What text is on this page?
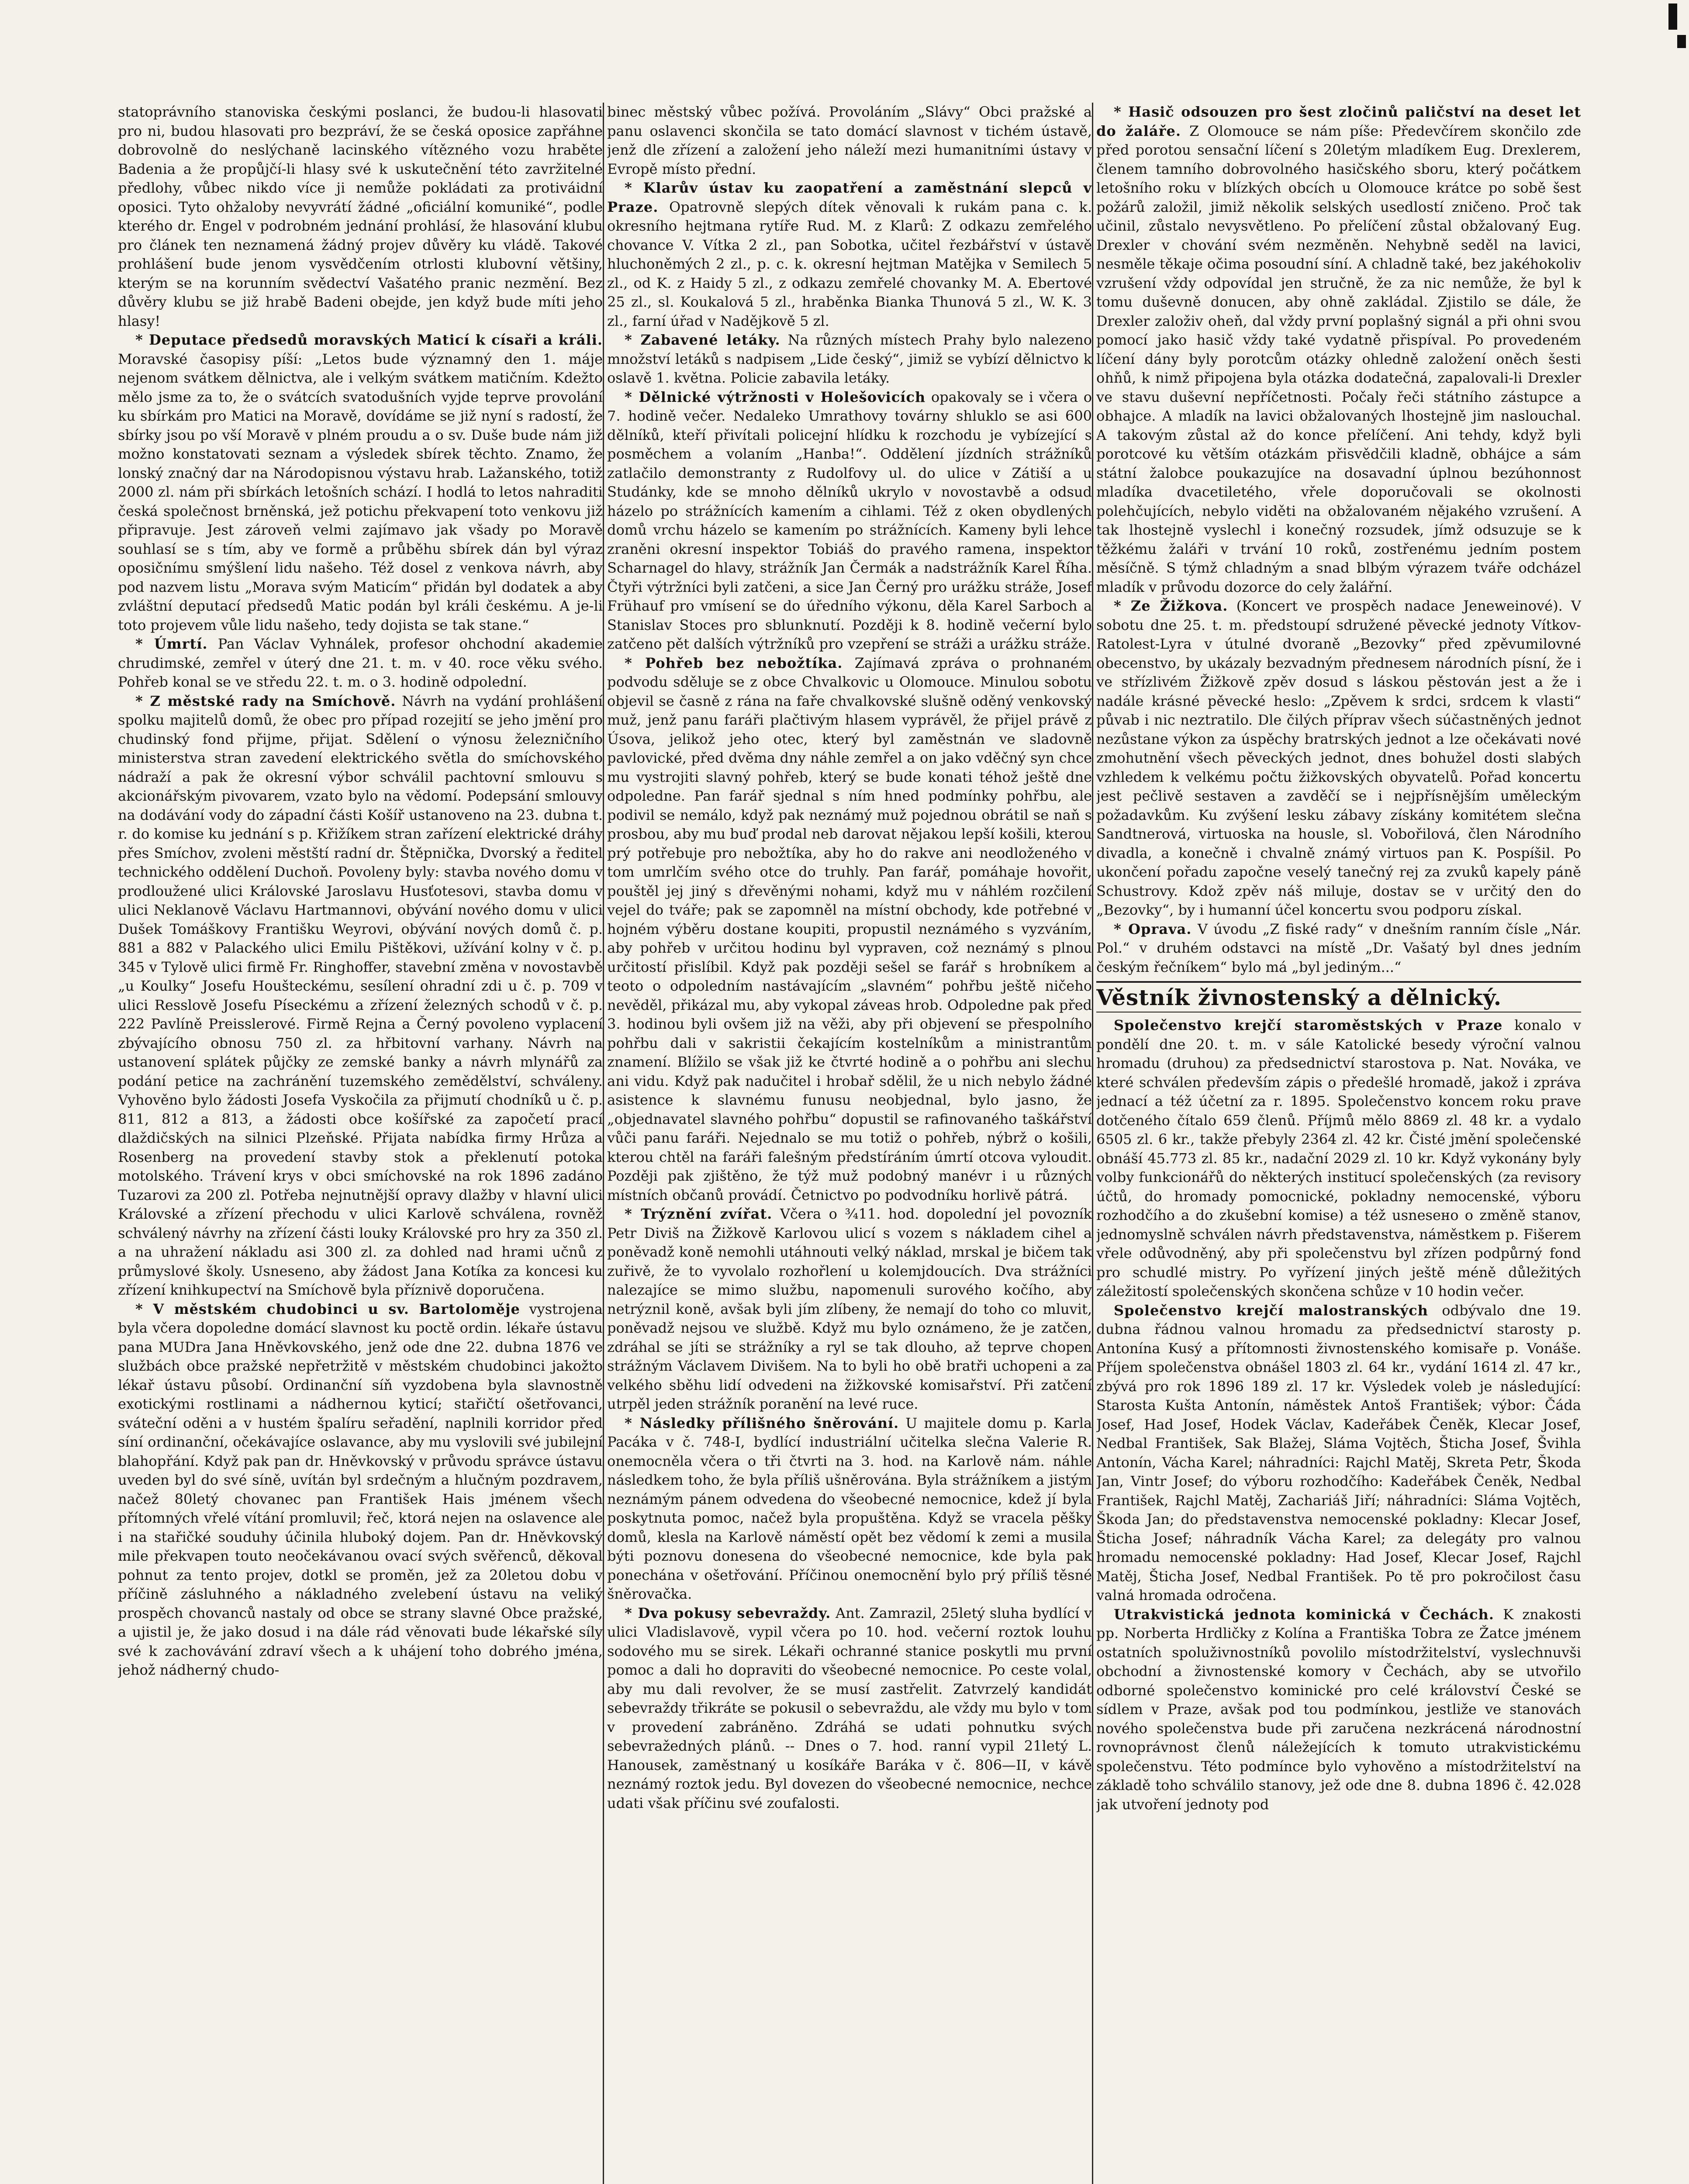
statoprávního stanoviska českými poslanci, že budou-li hlasovati pro ni, budou hlasovati pro bezpráví, že se česká oposice zapřáhne dobrovolně do neslýchaně lacinského vítězného vozu hraběte Badenia a že propůjčí-li hlasy své k uskutečnění této zavržitelné předlohy, vůbec nikdo více ji nemůže pokládati za protiváidní oposici. Tyto ohžaloby nevyvrátí žádné „oficiální komuniké“, podle kterého dr. Engel v podrobném jednání prohlásí, že hlasování klubu pro článek ten neznamená žádný projev důvěry ku vládě. Takové prohlášení bude jenom vysvědčením otrlosti klubovní většiny, kterým se na korunním svědectví Vašatého pranic nezmění. Bez důvěry klubu se již hrabě Badeni obejde, jen když bude míti jeho hlasy!

* Deputace předsedů moravských Maticí k císaři a králi. Moravské časopisy píší: „Letos bude významný den 1. máje nejenom svátkem dělnictva, ale i velkým svátkem matičním. Kdežto mělo jsme za to, že o svátcích svatodušních vyjde teprve provolání ku sbírkám pro Matici na Moravě, dovídáme se již nyní s radostí, že sbírky jsou po vší Moravě v plném proudu a o sv. Duše bude nám již možno konstatovati seznam a výsledek sbírek těchto. Znamo, že lonský značný dar na Národopisnou výstavu hrab. Lažanského, totiž 2000 zl. nám při sbírkách letošních schází. I hodlá to letos nahraditi česká společnost brněnská, jež potichu překvapení toto venkovu již připravuje. Jest zároveň velmi zajímavo jak všady po Moravě souhlasí se s tím, aby ve formě a průběhu sbírek dán byl výraz oposičnímu smýšlení lidu našeho. Též dosel z venkova návrh, aby pod nazvem listu „Morava svým Maticím“ přidán byl dodatek a aby zvláštní deputací předsedů Matic podán byl králi českému. A je-li toto projevem vůle lidu našeho, tedy dojista se tak stane.“

* Úmrtí. Pan Václav Vyhnálek, profesor ohchodní akademie chrudimské, zemřel v úterý dne 21. t. m. v 40. roce věku svého. Pohřeb konal se ve středu 22. t. m. o 3. hodině odpolední.

* Z městské rady na Smíchově. Návrh na vydání prohlášení spolku majitelů domů, že obec pro případ rozejití se jeho jmění pro chudinský fond přijme, přijat. Sdělení o výnosu železničního ministerstva stran zavedení elektrického světla do smíchovského nádraží a pak že okresní výbor schválil pachtovní smlouvu s akcionářským pivovarem, vzato bylo na vědomí. Podepsání smlouvy na dodávání vody do západní části Košíř ustanoveno na 23. dubna t. r. do komise ku jednání s p. Křižíkem stran zařízení elektrické dráhy přes Smíchov, zvoleni městští radní dr. Štěpnička, Dvorský a ředitel technického oddělení Duchoň. Povoleny byly: stavba nového domu v prodloužené ulici Královské Jaroslavu Husťotesovi, stavba domu v ulici Neklanově Václavu Hartmannovi, obývání nového domu v ulici Dušek Tomáškovy Františku Weyrovi, obývání nových domů č. p. 881 a 882 v Palackého ulici Emilu Pištěkovi, užívání kolny v č. p. 345 v Tylově ulici firmě Fr. Ringhoffer, stavební změna v novostavbě „u Koulky“ Josefu Houšteckému, sesílení ohradní zdi u č. p. 709 v ulici Resslově Josefu Píseckému a zřízení železných schodů v č. p. 222 Pavlíně Preisslerové. Firmě Rejna a Černý povoleno vyplacení zbývajícího obnosu 750 zl. za hřbitovní varhany. Návrh na ustanovení splátek půjčky ze zemské banky a návrh mlynářů za podání petice na zachránění tuzemského zemědělství, schváleny. Vyhověno bylo žádosti Josefa Vyskočila za přijmutí chodníků u č. p. 811, 812 a 813, a žádosti obce košířské za započetí prací dlaždičských na silnici Plzeňské. Přijata nabídka firmy Hrůza a Rosenberg na provedení stavby stok a překlenutí potoka motolského. Trávení krys v obci smíchovské na rok 1896 zadáno Tuzarovi za 200 zl. Potřeba nejnutnější opravy dlažby v hlavní ulici Královské a zřízení přechodu v ulici Karlově schválena, rovněž schválený návrhy na zřízení části louky Královské pro hry za 350 zl. a na uhražení nákladu asi 300 zl. za dohled nad hrami učnů z průmyslové školy. Usneseno, aby žádost Jana Kotíka za koncesi ku zřízení knihkupectví na Smíchově byla příznivě doporučena.

* V městském chudobinci u sv. Bartoloměje vystrojena byla včera dopoledne domácí slavnost ku poctě ordin. lékaře ústavu pana MUDra Jana Hněvkovského, jenž ode dne 22. dubna 1876 ve službách obce pražské nepřetržitě v městském chudobinci jakožto lékař ústavu působí. Ordinanční síň vyzdobena byla slavnostně exotickými rostlinami a nádhernou kyticí; stařičtí ošetřovanci, sváteční oděni a v hustém špalíru seřadění, naplnili korridor před síní ordinanční, očekávajíce oslavance, aby mu vyslovili své jubilejní blahopřání. Když pak pan dr. Hněvkovský v průvodu správce ústavu uveden byl do své síně, uvítán byl srdečným a hlučným pozdravem, načež 80letý chovanec pan František Hais jménem všech přítomných vřelé vítání promluvil; řeč, ktorá nejen na oslavence ale i na stařičké souduhy účinila hluboký dojem. Pan dr. Hněvkovský mile překvapen touto neočekávanou ovací svých svěřenců, děkoval pohnut za tento projev, dotkl se proměn, jež za 20letou dobu v příčině zásluhného a nákladného zvelebení ústavu na veliký prospěch chovanců nastaly od obce se strany slavné Obce pražské, a ujistil je, že jako dosud i na dále rád věnovati bude lékařské síly své k zachovávání zdraví všech a k uhájení toho dobrého jména, jehož nádherný chudo-

binec městský vůbec požívá. Provoláním „Slávy“ Obci pražské a panu oslavenci skončila se tato domácí slavnost v tichém ústavě, jenž dle zřízení a založení jeho náleží mezi humanitními ústavy v Evropě místo přední.

* Klarův ústav ku zaopatření a zaměstnání slepců v Praze. Opatrovně slepých dítek věnovali k rukám pana c. k. okresního hejtmana rytíře Rud. M. z Klarů: Z odkazu zemřelého chovance V. Vítka 2 zl., pan Sobotka, učitel řezbářství v ústavě hluchoněmých 2 zl., p. c. k. okresní hejtman Matějka v Semilech 5 zl., od K. z Haidy 5 zl., z odkazu zemřelé chovanky M. A. Ebertové 25 zl., sl. Koukalová 5 zl., hraběnka Bianka Thunová 5 zl., W. K. 3 zl., farní úřad v Nadějkově 5 zl.

* Zabavené letáky. Na různých místech Prahy bylo nalezeno množství letáků s nadpisem „Lide český“, jimiž se vybízí dělnictvo k oslavě 1. května. Policie zabavila letáky.

* Dělnické výtržnosti v Holešovicích opakovaly se i včera o 7. hodině večer. Nedaleko Umrathovy továrny shluklo se asi 600 dělníků, kteří přivítali policejní hlídku k rozchodu je vybízející s posměchem a volaním „Hanba!“. Oddělení jízdních strážníků zatlačilo demonstranty z Rudolfovy ul. do ulice v Zátiší a u Studánky, kde se mnoho dělníků ukrylo v novostavbě a odsud házelo po strážnících kamením a cihlami. Též z oken obydlených domů vrchu házelo se kamením po strážnících. Kameny byli lehce zraněni okresní inspektor Tobiáš do pravého ramena, inspektor Scharnagel do hlavy, strážník Jan Čermák a nadstrážník Karel Říha. Čtyři výtržníci byli zatčeni, a sice Jan Černý pro urážku stráže, Josef Frühauf pro vmísení se do úředního výkonu, děla Karel Sarboch a Stanislav Stoces pro sblunknutí. Později k 8. hodině večerní bylo zatčeno pět dalších výtržníků pro vzepření se stráži a urážku stráže.

* Pohřeb bez nebožtíka. Zajímavá zpráva o prohnaném podvodu sděluje se z obce Chvalkovic u Olomouce. Minulou sobotu objevil se časně z rána na faře chvalkovské slušně oděný venkovský muž, jenž panu faráři plačtivým hlasem vyprávěl, že přijel právě z Úsova, jelikož jeho otec, který byl zaměstnán ve sladovně pavlovické, před dvěma dny náhle zemřel a on jako vděčný syn chce mu vystrojiti slavný pohřeb, který se bude konati téhož ještě dne odpoledne. Pan farář sjednal s ním hned podmínky pohřbu, ale podivil se nemálo, když pak neznámý muž pojednou obrátil se naň s prosbou, aby mu buď prodal neb darovat nějakou lepší košili, kterou prý potřebuje pro nebožtíka, aby ho do rakve ani neodloženého v tom umrlčím svého otce do truhly. Pan farář, pomáhaje hovořit, pouštěl jej jiný s dřevěnými nohami, když mu v náhlém rozčilení vejel do tváře; pak se zapomněl na místní obchody, kde potřebné v hojném výběru dostane koupiti, propustil neznámého s vyzváním, aby pohřeb v určitou hodinu byl vypraven, což neznámý s plnou určitostí přislíbil. Když pak později sešel se farář s hrobníkem a teoto o odpoledním nastávajícím „slavném“ pohřbu ještě ničeho nevěděl, přikázal mu, aby vykopal záveas hrob. Odpoledne pak před 3. hodinou byli ovšem již na věži, aby při objevení se přespolního pohřbu dali v sakristii čekajícím kostelníkům a ministrantům znamení. Blížilo se však již ke čtvrté hodině a o pohřbu ani slechu ani vidu. Když pak nadučitel i hrobař sdělil, že u nich nebylo žádné asistence k slavnému funusu neobjednal, bylo jasno, že „objednavatel slavného pohřbu“ dopustil se rafinovaného taškářství vůči panu faráři. Nejednalo se mu totiž o pohřeb, nýbrž o košili, kterou chtěl na faráři falešným předstíráním úmrtí otcova vyloudit. Později pak zjištěno, že týž muž podobný manévr i u různých místních občanů provádí. Četnictvo po podvodníku horlivě pátrá.

* Trýznění zvířat. Včera o ¾11. hod. dopolední jel povozník Petr Diviš na Žižkově Karlovou ulicí s vozem s nákladem cihel a poněvadž koně nemohli utáhnouti velký náklad, mrskal je bičem tak zuřivě, že to vyvolalo rozhořlení u kolemjdoucích. Dva strážníci nalezajíce se mimo službu, napomenuli surového kočího, aby netrýznil koně, avšak byli jím zlíbeny, že nemají do toho co mluvit, poněvadž nejsou ve službě. Když mu bylo oznámeno, že je zatčen, zdráhal se jíti se strážníky a ryl se tak dlouho, až teprve chopen strážným Václavem Divišem. Na to byli ho obě bratři uchopeni a za velkého sběhu lidí odvedeni na žižkovské komisařství. Při zatčení utrpěl jeden strážník poranění na levé ruce.

* Následky přílišného šněrování. U majitele domu p. Karla Pacáka v č. 748-I, bydlící industriální učitelka slečna Valerie R. onemocněla včera o tři čtvrti na 3. hod. na Karlově nám. náhle následkem toho, že byla příliš ušněrována. Byla strážníkem a jistým neznámým pánem odvedena do všeobecné nemocnice, kdež jí byla poskytnuta pomoc, načež byla propuštěna. Když se vracela pěšky domů, klesla na Karlově náměstí opět bez vědomí k zemi a musila býti poznovu donesena do všeobecné nemocnice, kde byla pak ponechána v ošetřování. Příčinou onemocnění bylo prý příliš těsné šněrovačka.

* Dva pokusy sebevraždy. Ant. Zamrazil, 25letý sluha bydlící v ulici Vladislavově, vypil včera po 10. hod. večerní roztok louhu sodového mu se sirek. Lékaři ochranné stanice poskytli mu první pomoc a dali ho dopraviti do všeobecné nemocnice. Po ceste volal, aby mu dali revolver, že se musí zastřelit. Zatvrzelý kandidát sebevraždy třikráte se pokusil o sebevraždu, ale vždy mu bylo v tom v provedení zabráněno. Zdráhá se udati pohnutku svých sebevražedných plánů. -- Dnes o 7. hod. ranní vypil 21letý L. Hanousek, zaměstnaný u kosíkáře Baráka v č. 806—II, v kávě neznámý roztok jedu. Byl dovezen do všeobecné nemocnice, nechce udati však příčinu své zoufalosti.

* Hasič odsouzen pro šest zločinů paličství na deset let do žaláře. Z Olomouce se nám píše: Předevčírem skončilo zde před porotou sensační líčení s 20letým mladíkem Eug. Drexlerem, členem tamního dobrovolného hasičského sboru, který počátkem letošního roku v blízkých obcích u Olomouce krátce po sobě šest požárů založil, jimiž několik selských usedlostí zničeno. Proč tak učinil, zůstalo nevysvětleno. Po přelíčení zůstal obžalovaný Eug. Drexler v chování svém nezměněn. Nehybně seděl na lavici, nesměle těkaje očima posoudní síní. A chladně také, bez jakéhokoliv vzrušení vždy odpovídal jen stručně, že za nic nemůže, že byl k tomu duševně donucen, aby ohně zakládal. Zjistilo se dále, že Drexler založiv oheň, dal vždy první poplašný signál a při ohni svou pomocí jako hasič vždy také vydatně přispíval. Po provedeném líčení dány byly porotcům otázky ohledně založení oněch šesti ohňů, k nimž připojena byla otázka dodatečná, zapalovali-li Drexler ve stavu duševní nepříčetnosti. Počaly řeči státního zástupce a obhajce. A mladík na lavici obžalovaných lhostejně jim naslouchal. A takovým zůstal až do konce přelíčení. Ani tehdy, když byli porotcové ku větším otázkám přisvědčili kladně, obhájce a sám státní žalobce poukazujíce na dosavadní úplnou bezúhonnost mladíka dvacetiletého, vřele doporučovali se okolnosti polehčujících, nebylo viděti na obžalovaném nějakého vzrušení. A tak lhostejně vyslechl i konečný rozsudek, jímž odsuzuje se k těžkému žaláři v trvání 10 roků, zostřenému jedním postem měsíčně. S týmž chladným a snad blbým výrazem tváře odcházel mladík v průvodu dozorce do cely žalářní.

* Ze Žižkova. (Koncert ve prospěch nadace Jeneweinové). V sobotu dne 25. t. m. předstoupí sdružené pěvecké jednoty Vítkov-Ratolest-Lyra v útulné dvoraně „Bezovky“ před zpěvumilovné obecenstvo, by ukázaly bezvadným přednesem národních písní, že i ve střízlivém Žižkově zpěv dosud s láskou pěstován jest a že i nadále krásné pěvecké heslo: „Zpěvem k srdci, srdcem k vlasti“ půvab i nic neztratilo. Dle čilých příprav všech súčastněných jednot nezůstane výkon za úspěchy bratrských jednot a lze očekávati nové zmohutnění všech pěveckých jednot, dnes bohužel dosti slabých vzhledem k velkému počtu žižkovských obyvatelů. Pořad koncertu jest pečlivě sestaven a zavděčí se i nejpřísnějším uměleckým požadavkům. Ku zvýšení lesku zábavy získány komitétem slečna Sandtnerová, virtuoska na housle, sl. Vobořilová, člen Národního divadla, a konečně i chvalně známý virtuos pan K. Pospíšil. Po ukončení pořadu započne veselý tanečný rej za zvuků kapely páně Schustrovy. Kdož zpěv náš miluje, dostav se v určitý den do „Bezovky“, by i humanní účel koncertu svou podporu získal.

* Oprava. V úvodu „Z fiské rady“ v dnešním ranním čísle „Nár. Pol.“ v druhém odstavci na místě „Dr. Vašatý byl dnes jedním českým řečníkem“ bylo má „byl jediným...“

Věstník živnostenský a dělnický.

Společenstvo krejčí staroměstských v Praze konalo v pondělí dne 20. t. m. v sále Katolické besedy výroční valnou hromadu (druhou) za předsednictví starostova p. Nat. Nováka, ve které schválen především zápis o předešlé hromadě, jakož i zpráva jednací a též účetní za r. 1895. Společenstvo koncem roku prave dotčeného čítalo 659 členů. Příjmů mělo 8869 zl. 48 kr. a vydalo 6505 zl. 6 kr., takže přebyly 2364 zl. 42 kr. Čisté jmění společenské obnáší 45.773 zl. 85 kr., nadační 2029 zl. 10 kr. Když vykonány byly volby funkcionářů do některých institucí společenských (za revisory účtů, do hromady pomocnické, pokladny nemocenské, výboru rozhodčího a do zkušební komise) a též usnesено o změně stanov, jednomyslně schválen návrh představenstva, náměstkem p. Fišerem vřele odůvodněný, aby při společenstvu byl zřízen podpůrný fond pro schudlé mistry. Po vyřízení jiných ještě méně důležitých záležitostí společenských skončena schůze v 10 hodin večer.

Společenstvo krejčí malostranských odbývalo dne 19. dubna řádnou valnou hromadu za předsednictví starosty p. Antonína Kusý a přítomnosti živnostenského komisaře p. Vonáše. Příjem společenstva obnášel 1803 zl. 64 kr., vydání 1614 zl. 47 kr., zbývá pro rok 1896 189 zl. 17 kr. Výsledek voleb je následující: Starosta Kušta Antonín, náměstek Antoš František; výbor: Čáda Josef, Had Josef, Hodek Václav, Kadeřábek Čeněk, Klecar Josef, Nedbal František, Sak Blažej, Sláma Vojtěch, Šticha Josef, Švihla Antonín, Vácha Karel; náhradníci: Rajchl Matěj, Skreta Petr, Škoda Jan, Vintr Josef; do výboru rozhodčího: Kadeřábek Čeněk, Nedbal František, Rajchl Matěj, Zachariáš Jiří; náhradníci: Sláma Vojtěch, Škoda Jan; do představenstva nemocenské pokladny: Klecar Josef, Šticha Josef; náhradník Vácha Karel; za delegáty pro valnou hromadu nemocenské pokladny: Had Josef, Klecar Josef, Rajchl Matěj, Šticha Josef, Nedbal František. Po tě pro pokročilost času valná hromada odročena.

Utrakvistická jednota kominická v Čechách. K znakosti pp. Norberta Hrdličky z Kolína a Františka Tobra ze Žatce jménem ostatních spoluživnostníků povolilo místodržitelství, vyslechnuvši obchodní a živnostenské komory v Čechách, aby se utvořilo odborné společenstvo kominické pro celé království České se sídlem v Praze, avšak pod tou podmínkou, jestliže ve stanovách nového společenstva bude při zaručena nezkrácená národnostní rovnoprávnost členů náležejících k tomuto utrakvistickému společenstvu. Této podmínce bylo vyhověno a místodržitelství na základě toho schválilo stanovy, jež ode dne 8. dubna 1896 č. 42.028 jak utvoření jednoty pod
